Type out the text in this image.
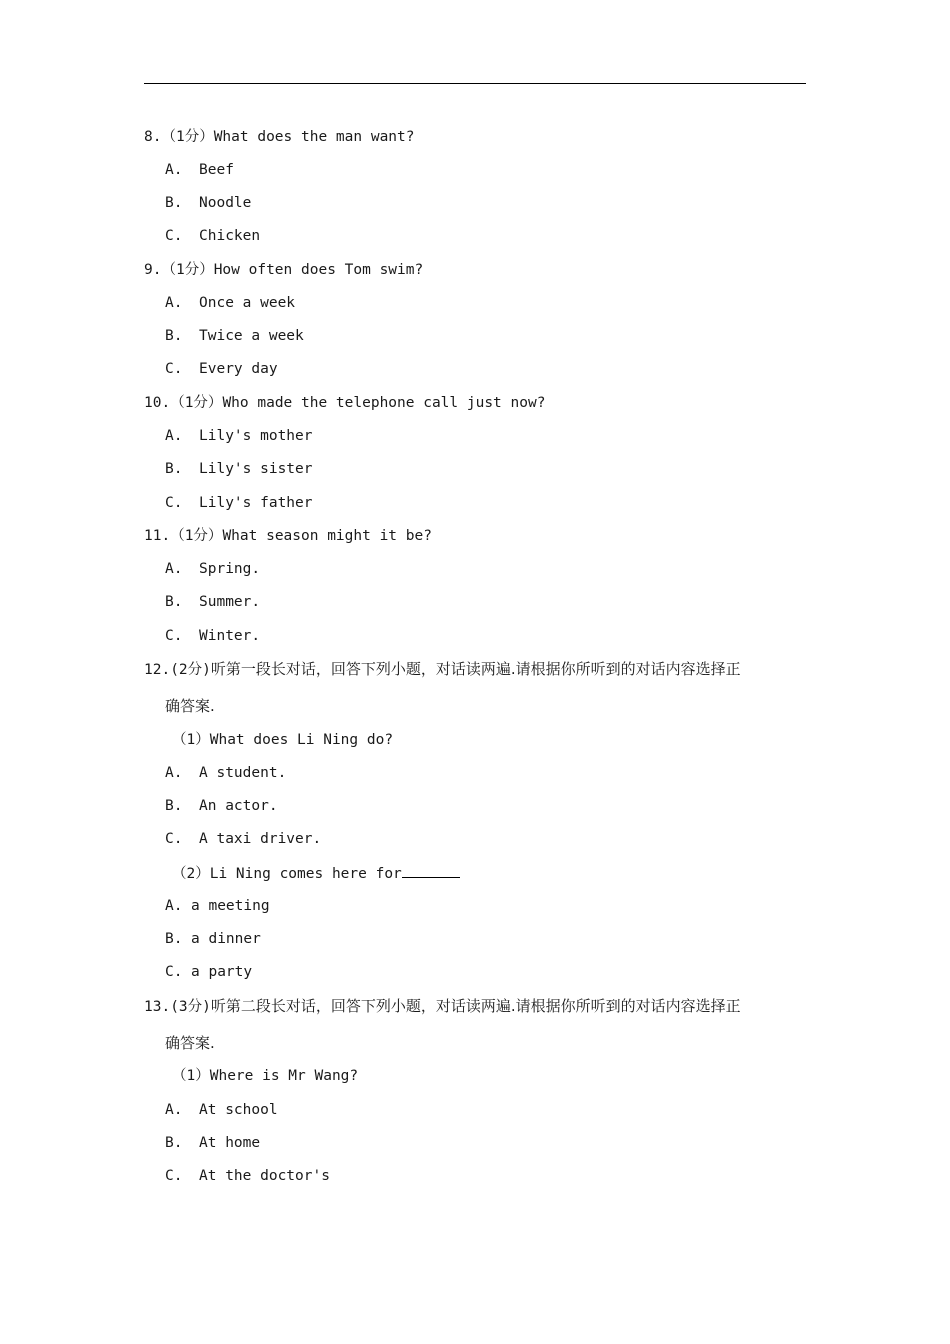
8.（1分）What does the man want?
A. Beef
B. Noodle
C. Chicken
9.（1分）How often does Tom swim?
A. Once a week
B. Twice a week
C. Every day
10.（1分）Who made the telephone call just now?
A. Lily's mother
B. Lily's sister
C. Lily's father
11.（1分）What season might it be?
A. Spring.
B. Summer.
C. Winter.
12.(2分)听第一段长对话，回答下列小题，对话读两遍.请根据你所听到的对话内容选择正
确答案.
（1）What does Li Ning do?
A. A student.
B. An actor.
C. A taxi driver.
（2）Li Ning comes here for
A. a meeting
B. a dinner
C. a party
13.(3分)听第二段长对话，回答下列小题，对话读两遍.请根据你所听到的对话内容选择正
确答案.
（1）Where is Mr Wang?
A. At school
B. At home
C. At the doctor's
